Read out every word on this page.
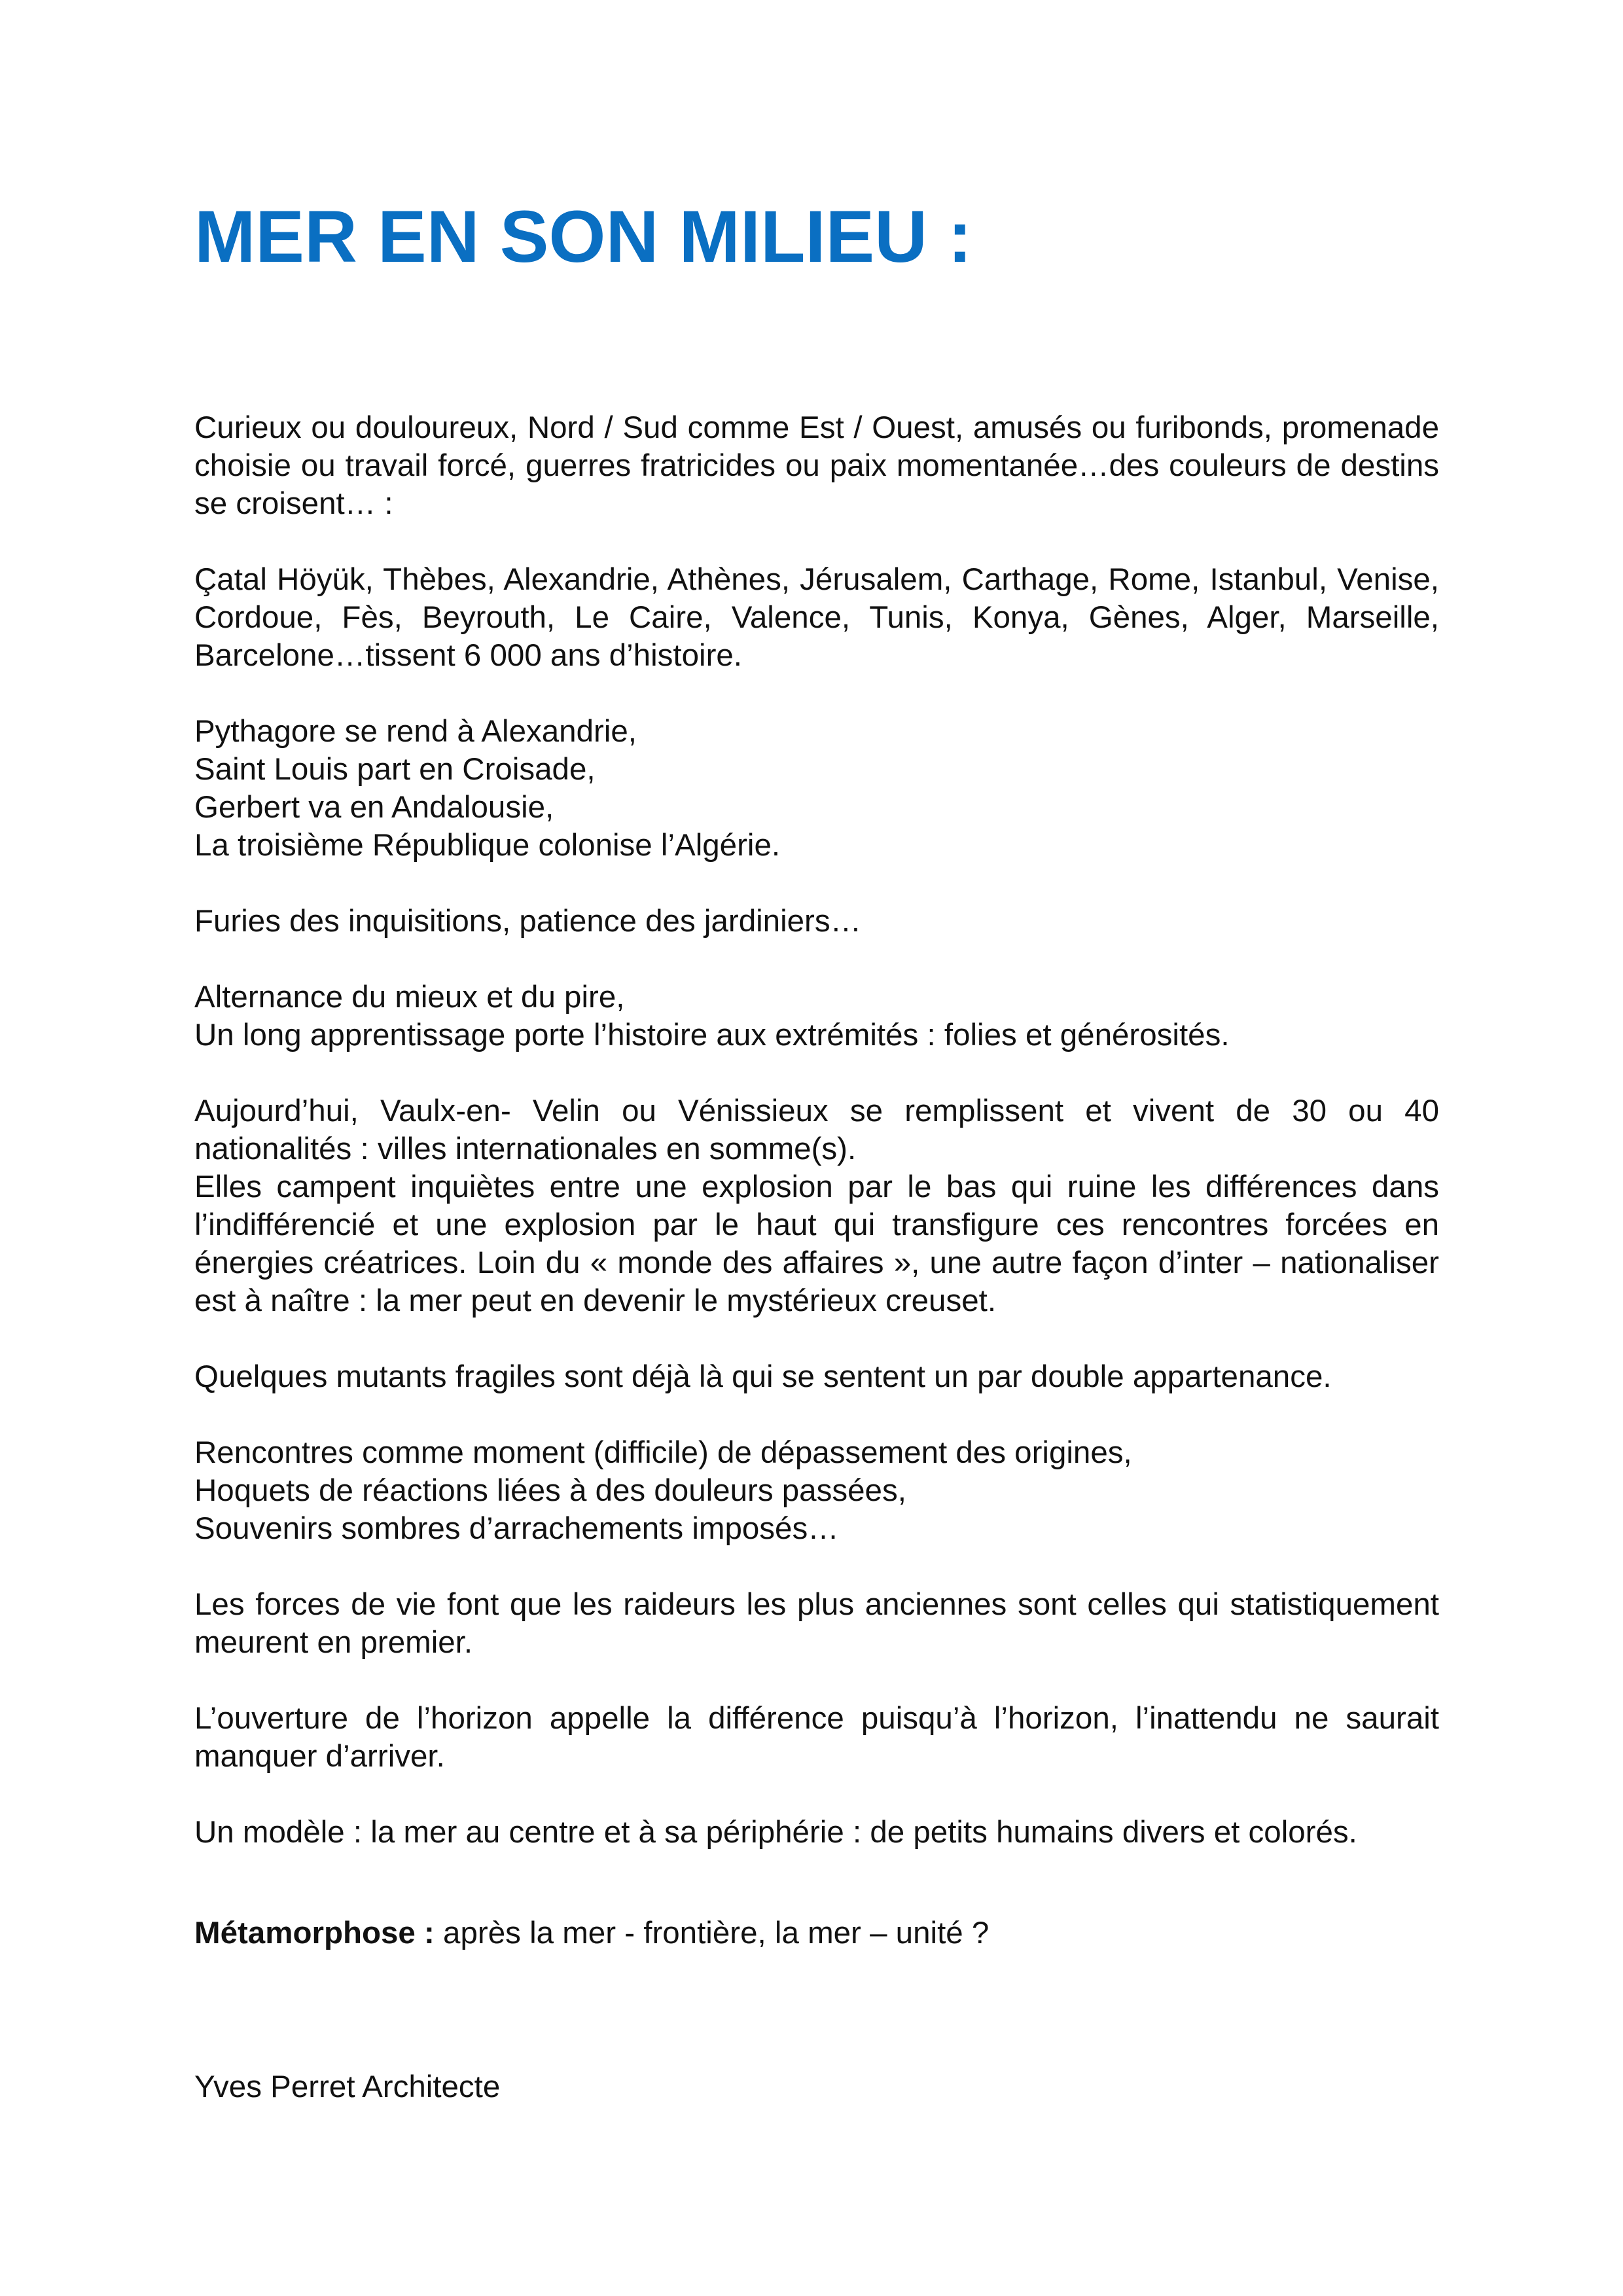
MER EN SON MILIEU :

Curieux ou douloureux, Nord / Sud comme Est / Ouest, amusés ou furibonds, promenade choisie ou travail forcé, guerres fratricides ou paix momentanée…des couleurs de destins se croisent… :

Çatal Höyük, Thèbes, Alexandrie, Athènes, Jérusalem, Carthage, Rome, Istanbul, Venise, Cordoue, Fès, Beyrouth, Le Caire, Valence, Tunis, Konya, Gènes, Alger, Marseille, Barcelone…tissent 6 000 ans d’histoire.

Pythagore se rend à Alexandrie,
Saint Louis part en Croisade,
Gerbert va en Andalousie,
La troisième République colonise l’Algérie.

Furies des inquisitions, patience des jardiniers…

Alternance du mieux et du pire,
Un long apprentissage porte l’histoire aux extrémités : folies et générosités.

Aujourd’hui, Vaulx-en- Velin ou Vénissieux se remplissent et vivent de 30 ou 40 nationalités : villes internationales en somme(s).
Elles campent inquiètes entre une explosion par le bas qui ruine les différences dans l’indifférencié et une explosion par le haut qui transfigure ces rencontres forcées en énergies créatrices. Loin du « monde des affaires », une autre façon d’inter – nationaliser est à naître : la mer peut en devenir le mystérieux creuset.

Quelques mutants fragiles sont déjà là qui se sentent un par double appartenance.

Rencontres comme moment (difficile) de dépassement des origines,
Hoquets de réactions liées à des douleurs passées,
Souvenirs sombres d’arrachements imposés…

Les forces de vie font que les raideurs les plus anciennes sont celles qui statistiquement meurent en premier.

L’ouverture de l’horizon appelle la différence puisqu’à l’horizon, l’inattendu ne saurait manquer d’arriver.

Un modèle : la mer au centre et à sa périphérie : de petits humains divers et colorés.

Métamorphose : après la mer - frontière, la mer – unité ?
Yves Perret Architecte
